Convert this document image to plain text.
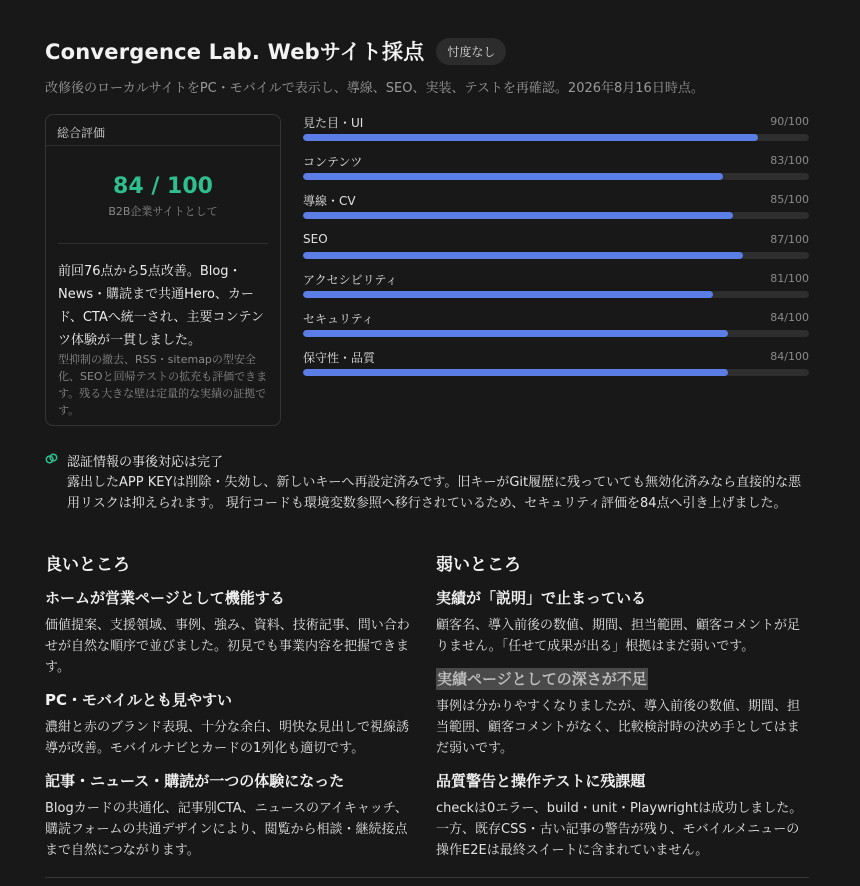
Convergence Lab. Webサイト採点	忖度なし
改修後のローカルサイトをPC・モバイルで表示し、導線、SEO、実装、テストを再確認。2026年8月16日時点。
総合評価
84 / 100
B2B企業サイトとして
前回76点から5点改善。Blog・News・購読まで共通Hero、カード、CTAへ統一され、主要コンテンツ体験が一貫しました。
型抑制の撤去、RSS・sitemapの型安全化、SEOと回帰テストの拡充も評価できます。残る大きな壁は定量的な実績の証拠です。
見た目・UI	90/100
コンテンツ	83/100
導線・CV	85/100
SEO	87/100
アクセシビリティ	81/100
セキュリティ	84/100
保守性・品質	84/100
認証情報の事後対応は完了
露出したAPP KEYは削除・失効し、新しいキーへ再設定済みです。旧キーがGit履歴に残っていても無効化済みなら直接的な悪用リスクは抑えられます。 現行コードも環境変数参照へ移行されているため、セキュリティ評価を84点へ引き上げました。
良いところ
ホームが営業ページとして機能する

価値提案、支援領域、事例、強み、資料、技術記事、問い合わせが自然な順序で並びました。初見でも事業内容を把握できます。

PC・モバイルとも見やすい

濃紺と赤のブランド表現、十分な余白、明快な見出しで視線誘導が改善。モバイルナビとカードの1列化も適切です。

記事・ニュース・購読が一つの体験になった

Blogカードの共通化、記事別CTA、ニュースのアイキャッチ、購読フォームの共通デザインにより、閲覧から相談・継続接点まで自然につながります。

弱いところ
実績が「説明」で止まっている

顧客名、導入前後の数値、期間、担当範囲、顧客コメントが足りません。「任せて成果が出る」根拠はまだ弱いです。

実績ページとしての深さが不足

事例は分かりやすくなりましたが、導入前後の数値、期間、担当範囲、顧客コメントがなく、比較検討時の決め手としてはまだ弱いです。

品質警告と操作テストに残課題

checkは0エラー、build・unit・Playwrightは成功しました。一方、既存CSS・古い記事の警告が残り、モバイルメニューの操作E2Eは最終スイートに含まれていません。
